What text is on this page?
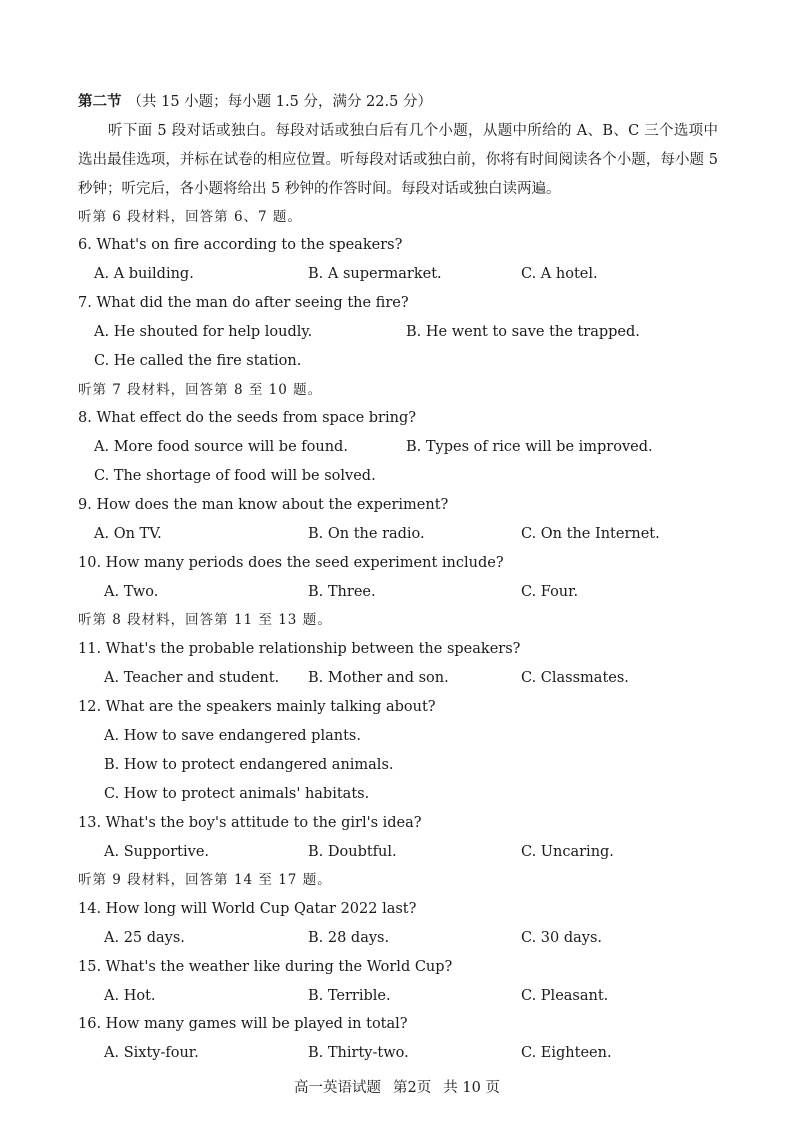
第二节 （共 15 小题；每小题 1.5 分，满分 22.5 分）
听下面 5 段对话或独白。每段对话或独白后有几个小题，从题中所给的 A、B、C 三个选项中选出最佳选项，并标在试卷的相应位置。听每段对话或独白前，你将有时间阅读各个小题，每小题 5 秒钟；听完后，各小题将给出 5 秒钟的作答时间。每段对话或独白读两遍。
听第 6 段材料，回答第 6、7 题。
6. What's on fire according to the speakers?
A. A building.	B. A supermarket.	C. A hotel.
7. What did the man do after seeing the fire?
A. He shouted for help loudly.	B. He went to save the trapped.
C. He called the fire station.
听第 7 段材料，回答第 8 至 10 题。
8. What effect do the seeds from space bring?
A. More food source will be found.	B. Types of rice will be improved.
C. The shortage of food will be solved.
9. How does the man know about the experiment?
A. On TV.	B. On the radio.	C. On the Internet.
10. How many periods does the seed experiment include?
A. Two.	B. Three.	C. Four.
听第 8 段材料，回答第 11 至 13 题。
11. What's the probable relationship between the speakers?
A. Teacher and student. B. Mother and son.	C. Classmates.
12. What are the speakers mainly talking about?
A. How to save endangered plants.
B. How to protect endangered animals.
C. How to protect animals' habitats.
13. What's the boy's attitude to the girl's idea?
A. Supportive.	B. Doubtful.	C. Uncaring.
听第 9 段材料，回答第 14 至 17 题。
14. How long will World Cup Qatar 2022 last?
A. 25 days.	B. 28 days.	C. 30 days.
15. What's the weather like during the World Cup?
A. Hot.	B. Terrible.	C. Pleasant.
16. How many games will be played in total?
A. Sixty-four.	B. Thirty-two.	C. Eighteen.
高一英语试题 第2页 共 10 页
